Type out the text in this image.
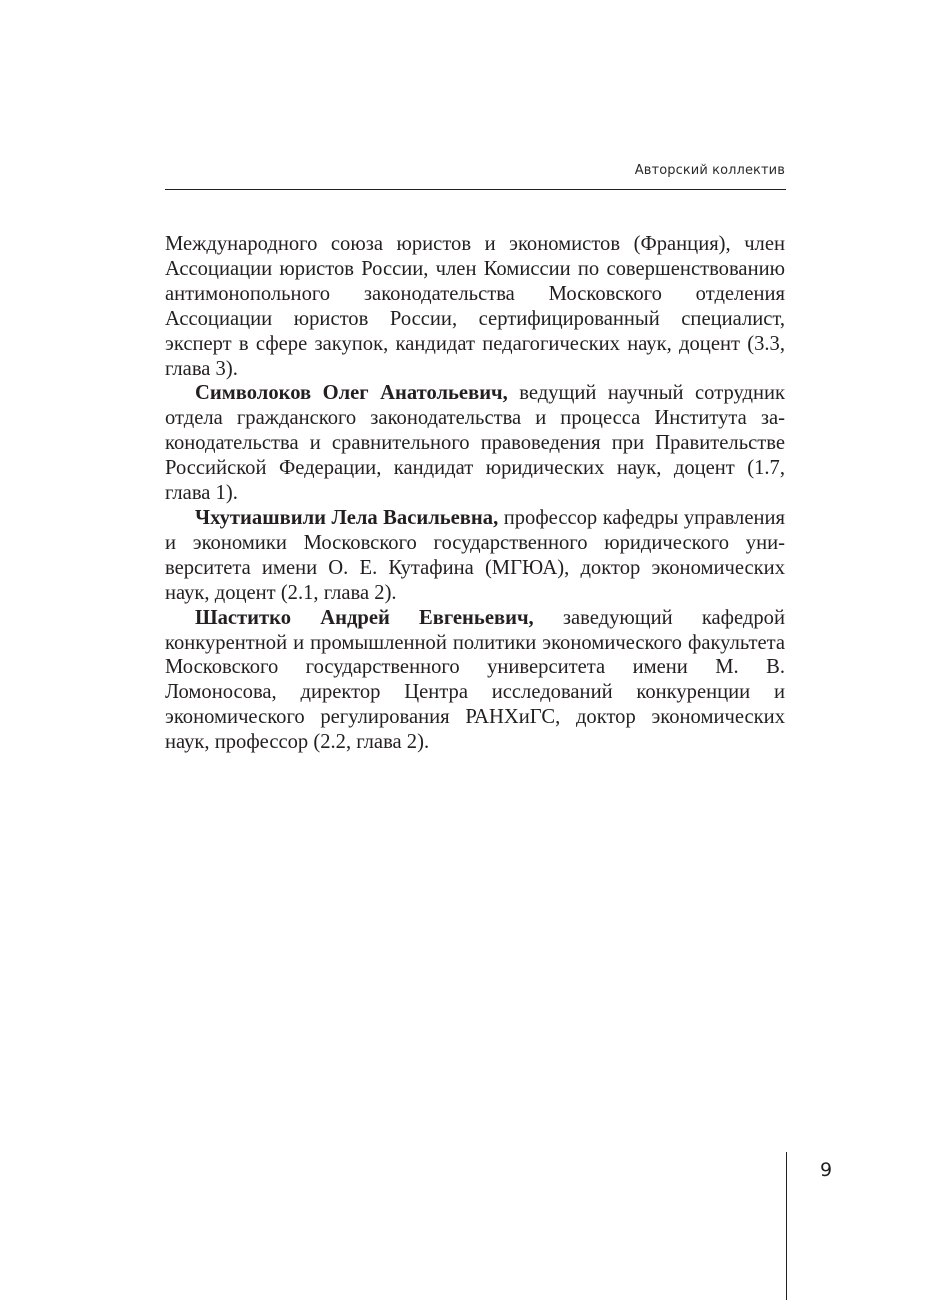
Авторский коллектив

Международного союза юристов и экономистов (Франция), член Ассоциации юристов России, член Комиссии по совершенствованию антимонопольного законодательства Московского отделения Ассоциации юристов России, сертифицированный специалист, эксперт в сфере закупок, кандидат педагогических наук, доцент (3.3, глава 3).

Символоков Олег Анатольевич, ведущий научный сотрудник отдела гражданского законодательства и процесса Института законодательства и сравнительного правоведения при Правительстве Российской Федерации, кандидат юридических наук, доцент (1.7, глава 1).

Чхутиашвили Лела Васильевна, профессор кафедры управления и экономики Московского государственного юридического университета имени О. Е. Кутафина (МГЮА), доктор экономических наук, доцент (2.1, глава 2).

Шаститко Андрей Евгеньевич, заведующий кафедрой конкурентной и промышленной политики экономического факультета Московского государственного университета имени М. В. Ломоносова, директор Центра исследований конкуренции и экономического регулирования РАНХиГС, доктор экономических наук, профессор (2.2, глава 2).

9
